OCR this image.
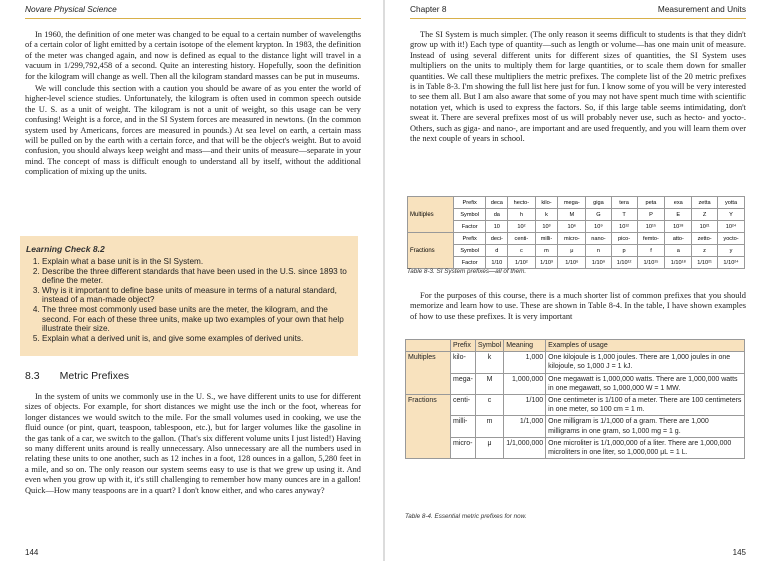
Novare Physical Science

In 1960, the definition of one meter was changed to be equal to a certain number of wavelengths of a certain color of light emitted by a certain isotope of the element krypton. In 1983, the definition of the meter was changed again, and now is defined as equal to the distance light will travel in a vacuum in 1/299,792,458 of a second. Quite an interesting history. Hopefully, soon the definition for the kilogram will change as well. Then all the kilogram standard masses can be put in museums.

We will conclude this section with a caution you should be aware of as you enter the world of higher-level science studies. Unfortunately, the kilogram is often used in common speech outside the U. S. as a unit of weight. The kilogram is not a unit of weight, so this usage can be very confusing! Weight is a force, and in the SI System forces are measured in newtons. (In the common system used by Americans, forces are measured in pounds.) At sea level on earth, a certain mass will be pulled on by the earth with a certain force, and that will be the object's weight. But to avoid confusion, you should always keep weight and mass—and their units of measure—separate in your mind. The concept of mass is difficult enough to understand all by itself, without the additional complication of mixing up the units.

Learning Check 8.2
1. Explain what a base unit is in the SI System.
2. Describe the three different standards that have been used in the U.S. since 1893 to define the meter.
3. Why is it important to define base units of measure in terms of a natural standard, instead of a man-made object?
4. The three most commonly used base units are the meter, the kilogram, and the second. For each of these three units, make up two examples of your own that help illustrate their size.
5. Explain what a derived unit is, and give some examples of derived units.
8.3 Metric Prefixes

In the system of units we commonly use in the U. S., we have different units to use for different sizes of objects. For example, for short distances we might use the inch or the foot, whereas for longer distances we would switch to the mile. For the small volumes used in cooking, we use the fluid ounce (or pint, quart, teaspoon, tablespoon, etc.), but for larger volumes like the gasoline in the gas tank of a car, we switch to the gallon. (That's six different volume units I just listed!) Having so many different units around is really unnecessary. Also unnecessary are all the numbers used in relating these units to one another, such as 12 inches in a foot, 128 ounces in a gallon, 5,280 feet in a mile, and so on. The only reason our system seems easy to use is that we grew up using it. And even when you grow up with it, it's still challenging to remember how many ounces are in a gallon! Quick—How many teaspoons are in a quart? I don't know either, and who cares anyway?

144
Chapter 8	Measurement and Units

The SI System is much simpler. (The only reason it seems difficult to students is that they didn't grow up with it!) Each type of quantity—such as length or volume—has one main unit of measure. Instead of using several different units for different sizes of quantities, the SI System uses multipliers on the units to multiply them for large quantities, or to scale them down for smaller quantities. We call these multipliers the metric prefixes. The complete list of the 20 metric prefixes is in Table 8-3. I'm showing the full list here just for fun. I know some of you will be very interested to see them all. But I am also aware that some of you may not have spent much time with scientific notation yet, which is used to express the factors. So, if this large table seems intimidating, don't sweat it. There are several prefixes most of us will probably never use, such as hecto- and yocto-. Others, such as giga- and nano-, are important and are used frequently, and you will learn them over the next couple of years in school.

Multiples	Prefix	deca	hecto-	kilo-	mega-	giga	tera	peta	exa	zetta	yotta
	Symbol	da	h	k	M	G	T	P	E	Z	Y
	Factor	10	10²	10³	10⁶	10⁹	10¹²	10¹⁵	10¹⁸	10²¹	10²⁴
Fractions	Prefix	deci-	centi-	milli-	micro-	nano-	pico-	femto-	atto-	zetto-	yocto-
	Symbol	d	c	m	μ	n	p	f	a	z	y
	Factor	1/10	1/10²	1/10³	1/10⁶	1/10⁹	1/10¹²	1/10¹⁵	1/10¹⁸	1/10²¹	1/10²⁴
Table 8-3. SI System prefixes—all of them.

For the purposes of this course, there is a much shorter list of common prefixes that you should memorize and learn how to use. These are shown in Table 8-4. In the table, I have shown examples of how to use these prefixes. It is very important

	Prefix	Symbol	Meaning	Examples of usage
Multiples	kilo-	k	1,000	One kilojoule is 1,000 joules. There are 1,000 joules in one kilojoule, so 1,000 J = 1 kJ.
	mega-	M	1,000,000	One megawatt is 1,000,000 watts. There are 1,000,000 watts in one megawatt, so 1,000,000 W = 1 MW.
Fractions	centi-	c	1/100	One centimeter is 1/100 of a meter. There are 100 centimeters in one meter, so 100 cm = 1 m.
	milli-	m	1/1,000	One milligram is 1/1,000 of a gram. There are 1,000 milligrams in one gram, so 1,000 mg = 1 g.
	micro-	μ	1/1,000,000	One microliter is 1/1,000,000 of a liter. There are 1,000,000 microliters in one liter, so 1,000,000 μL = 1 L.
Table 8-4. Essential metric prefixes for now.
145
